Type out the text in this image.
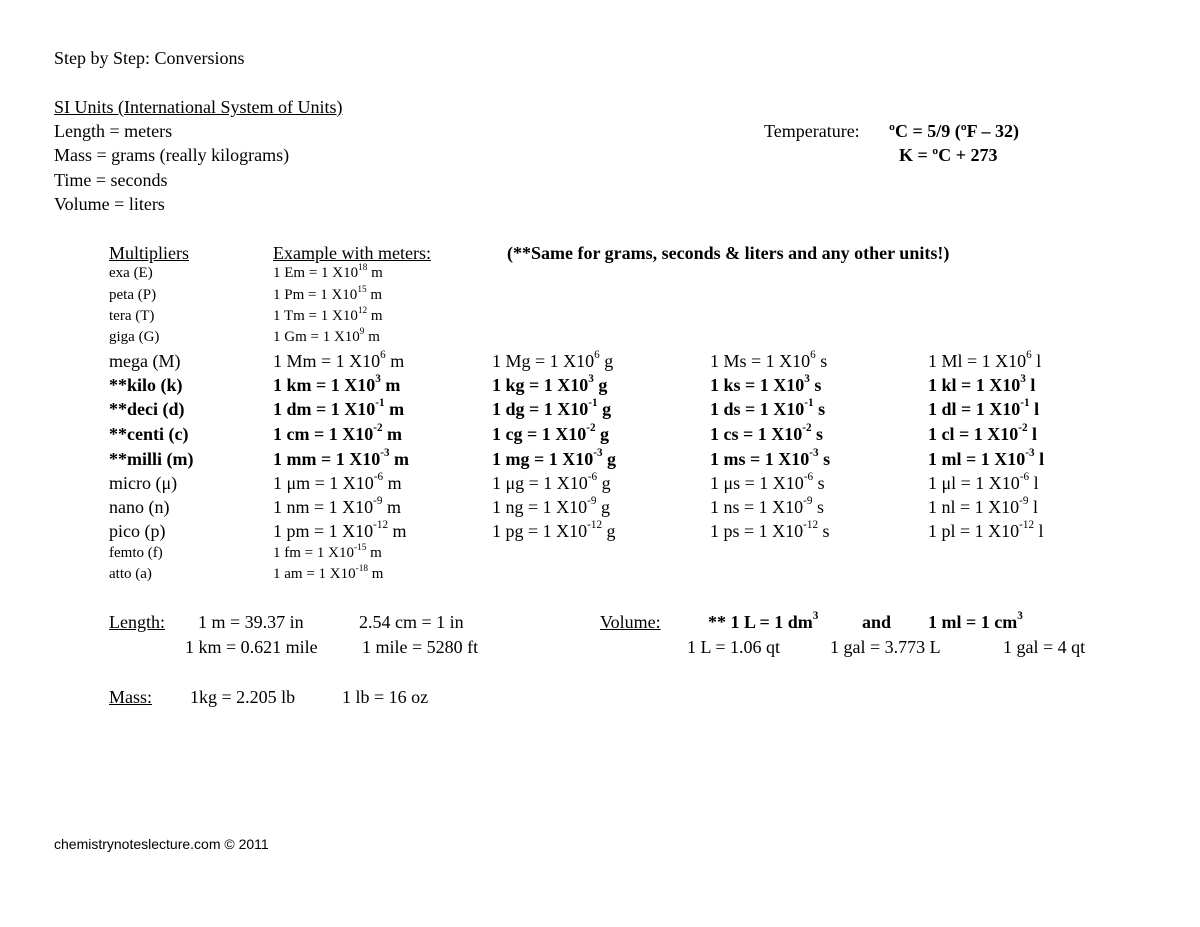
Step by Step: Conversions
SI Units (International System of Units)
Length = meters
Mass = grams (really kilograms)
Time = seconds
Volume = liters
Temperature: ºC = 5/9 (ºF – 32)
K = ºC + 273
Multipliers	Example with meters:	(**Same for grams, seconds & liters and any other units!)
exa (E)	1 Em = 1 $X10^{18}$ m
peta (P)	1 Pm = 1 $X10^{15}$ m
tera (T)	1 Tm = 1 $X10^{12}$ m
giga (G)	1 Gm = 1 $X10^9$ m
mega (M)	1 Mm = 1 $X10^6$ m	1 Mg = 1 $X10^6$ g	1 Ms = 1 $X10^6$ s	1 Ml = 1 $X10^6$ l
**kilo (k)	1 km = 1 $X10^3$ m	1 kg = 1 $X10^3$ g	1 ks = 1 $X10^3$ s	1 kl = 1 $X10^3$ l
**deci (d)	1 dm = 1 $X10^{-1}$ m	1 dg = 1 $X10^{-1}$ g	1 ds = 1 $X10^{-1}$ s	1 dl = 1 $X10^{-1}$ l
**centi (c)	1 cm = 1 $X10^{-2}$ m	1 cg = 1 $X10^{-2}$ g	1 cs = 1 $X10^{-2}$ s	1 cl = 1 $X10^{-2}$ l
**milli (m)	1 mm = 1 $X10^{-3}$ m	1 mg = 1 $X10^{-3}$ g	1 ms = 1 $X10^{-3}$ s	1 ml = 1 $X10^{-3}$ l
micro (μ)	1 μm = 1 $X10^{-6}$ m	1 μg = 1 $X10^{-6}$ g	1 μs = 1 $X10^{-6}$ s	1 μl = 1 $X10^{-6}$ l
nano (n)	1 nm = 1 $X10^{-9}$ m	1 ng = 1 $X10^{-9}$ g	1 ns = 1 $X10^{-9}$ s	1 nl = 1 $X10^{-9}$ l
pico (p)	1 pm = 1 $X10^{-12}$ m	1 pg = 1 $X10^{-12}$ g	1 ps = 1 $X10^{-12}$ s	1 pl = 1 $X10^{-12}$ l
femto (f)	1 fm = 1 $X10^{-15}$ m
atto (a)	1 am = 1 $X10^{-18}$ m
Length: 1 m = 39.37 in	2.54 cm = 1 in
1 km = 0.621 mile 1 mile = 5280 ft
Volume:	** 1 L = 1 $dm^3$ and 1 ml = 1 $cm^3$
1 L = 1.06 qt	1 gal = 3.773 L	1 gal = 4 qt
Mass: 1kg = 2.205 lb	1 lb = 16 oz
chemistrynoteslecture.com © 2011
